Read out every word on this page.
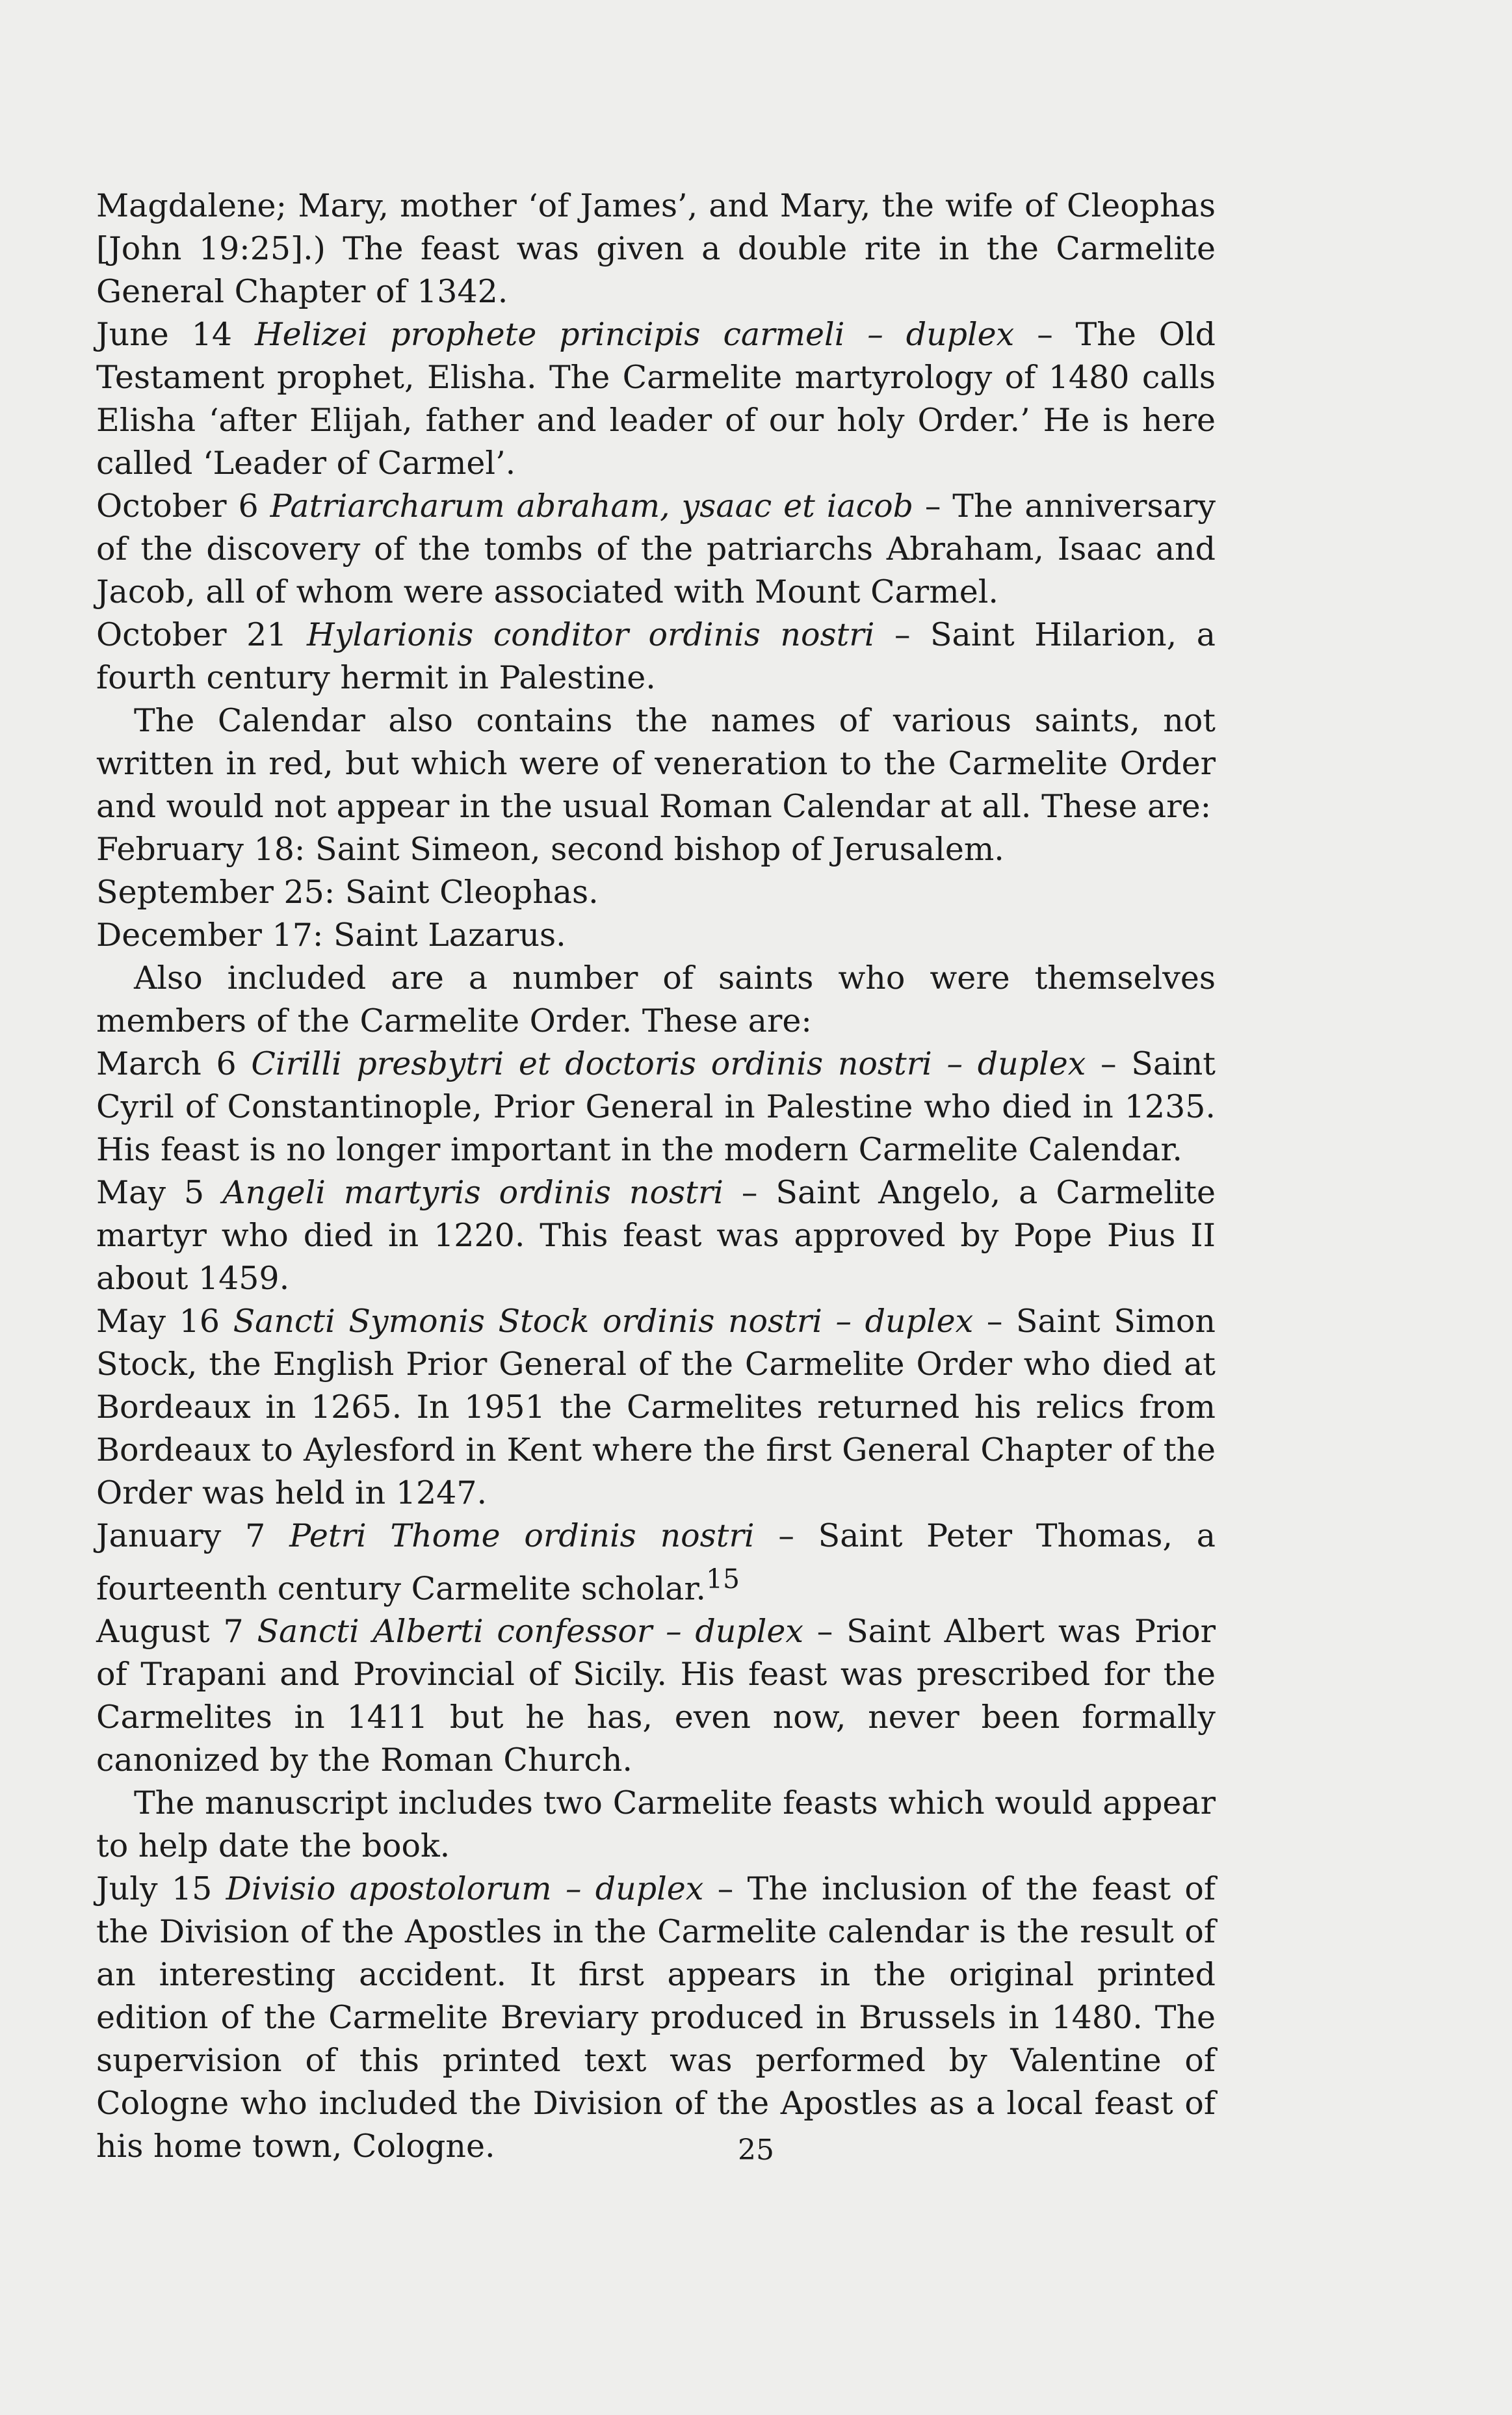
Magdalene; Mary, mother ‘of James’, and Mary, the wife of Cleophas [John 19:25].) The feast was given a double rite in the Carmelite General Chapter of 1342.

June 14 Helizei prophete principis carmeli – duplex – The Old Testament prophet, Elisha. The Carmelite martyrology of 1480 calls Elisha ‘after Elijah, father and leader of our holy Order.’ He is here called ‘Leader of Carmel’.

October 6 Patriarcharum abraham, ysaac et iacob – The anniversary of the discovery of the tombs of the patriarchs Abraham, Isaac and Jacob, all of whom were associated with Mount Carmel.

October 21 Hylarionis conditor ordinis nostri – Saint Hilarion, a fourth century hermit in Palestine.

The Calendar also contains the names of various saints, not written in red, but which were of veneration to the Carmelite Order and would not appear in the usual Roman Calendar at all. These are:

February 18: Saint Simeon, second bishop of Jerusalem.

September 25: Saint Cleophas.

December 17: Saint Lazarus.

Also included are a number of saints who were themselves members of the Carmelite Order. These are:

March 6 Cirilli presbytri et doctoris ordinis nostri – duplex – Saint Cyril of Constantinople, Prior General in Palestine who died in 1235. His feast is no longer important in the modern Carmelite Calendar.

May 5 Angeli martyris ordinis nostri – Saint Angelo, a Carmelite martyr who died in 1220. This feast was approved by Pope Pius II about 1459.

May 16 Sancti Symonis Stock ordinis nostri – duplex – Saint Simon Stock, the English Prior General of the Carmelite Order who died at Bordeaux in 1265. In 1951 the Carmelites returned his relics from Bordeaux to Aylesford in Kent where the first General Chapter of the Order was held in 1247.

January 7 Petri Thome ordinis nostri – Saint Peter Thomas, a fourteenth century Carmelite scholar.$^{15}$

August 7 Sancti Alberti confessor – duplex – Saint Albert was Prior of Trapani and Provincial of Sicily. His feast was prescribed for the Carmelites in 1411 but he has, even now, never been formally canonized by the Roman Church.

The manuscript includes two Carmelite feasts which would appear to help date the book.

July 15 Divisio apostolorum – duplex – The inclusion of the feast of the Division of the Apostles in the Carmelite calendar is the result of an interesting accident. It first appears in the original printed edition of the Carmelite Breviary produced in Brussels in 1480. The supervision of this printed text was performed by Valentine of Cologne who included the Division of the Apostles as a local feast of his home town, Cologne.	25
